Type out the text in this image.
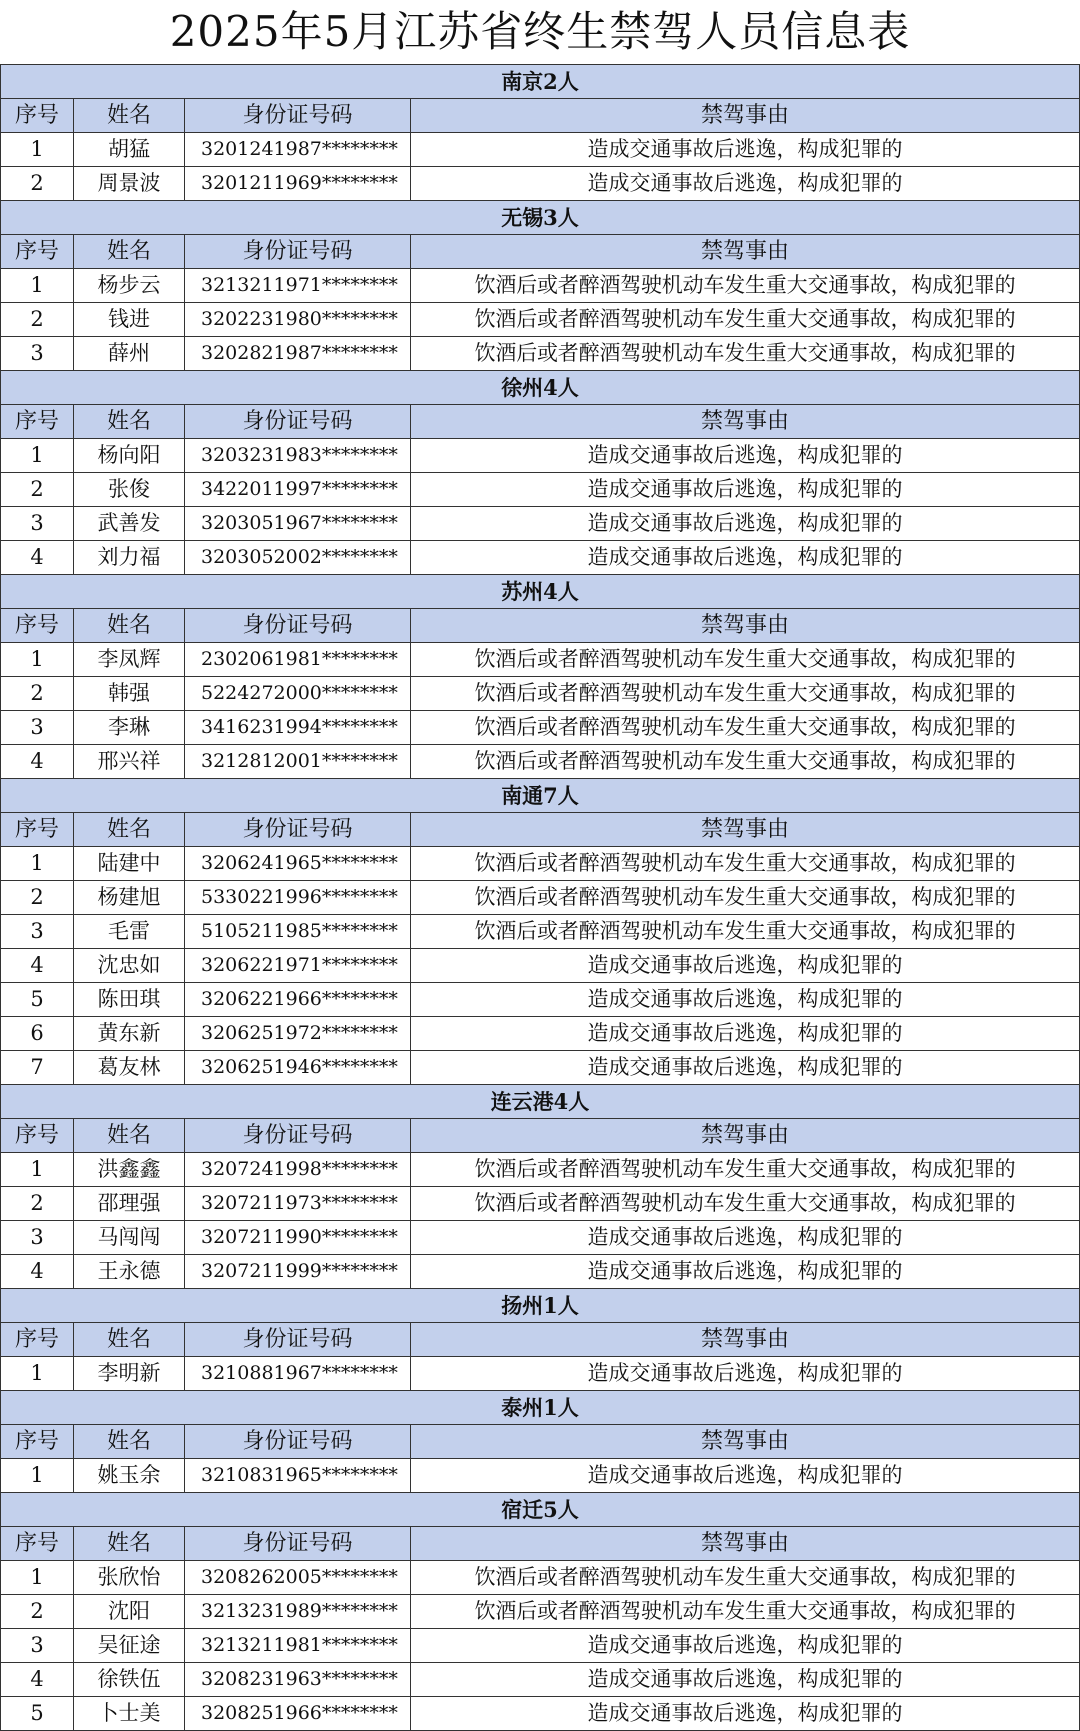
2025年5月江苏省终生禁驾人员信息表
南京2人
序号	姓名	身份证号码	禁驾事由
1	胡猛	3201241987********	造成交通事故后逃逸，构成犯罪的
2	周景波	3201211969********	造成交通事故后逃逸，构成犯罪的
无锡3人
序号	姓名	身份证号码	禁驾事由
1	杨步云	3213211971********	饮酒后或者醉酒驾驶机动车发生重大交通事故，构成犯罪的
2	钱进	3202231980********	饮酒后或者醉酒驾驶机动车发生重大交通事故，构成犯罪的
3	薛州	3202821987********	饮酒后或者醉酒驾驶机动车发生重大交通事故，构成犯罪的
徐州4人
序号	姓名	身份证号码	禁驾事由
1	杨向阳	3203231983********	造成交通事故后逃逸，构成犯罪的
2	张俊	3422011997********	造成交通事故后逃逸，构成犯罪的
3	武善发	3203051967********	造成交通事故后逃逸，构成犯罪的
4	刘力福	3203052002********	造成交通事故后逃逸，构成犯罪的
苏州4人
序号	姓名	身份证号码	禁驾事由
1	李凤辉	2302061981********	饮酒后或者醉酒驾驶机动车发生重大交通事故，构成犯罪的
2	韩强	5224272000********	饮酒后或者醉酒驾驶机动车发生重大交通事故，构成犯罪的
3	李琳	3416231994********	饮酒后或者醉酒驾驶机动车发生重大交通事故，构成犯罪的
4	邢兴祥	3212812001********	饮酒后或者醉酒驾驶机动车发生重大交通事故，构成犯罪的
南通7人
序号	姓名	身份证号码	禁驾事由
1	陆建中	3206241965********	饮酒后或者醉酒驾驶机动车发生重大交通事故，构成犯罪的
2	杨建旭	5330221996********	饮酒后或者醉酒驾驶机动车发生重大交通事故，构成犯罪的
3	毛雷	5105211985********	饮酒后或者醉酒驾驶机动车发生重大交通事故，构成犯罪的
4	沈忠如	3206221971********	造成交通事故后逃逸，构成犯罪的
5	陈田琪	3206221966********	造成交通事故后逃逸，构成犯罪的
6	黄东新	3206251972********	造成交通事故后逃逸，构成犯罪的
7	葛友林	3206251946********	造成交通事故后逃逸，构成犯罪的
连云港4人
序号	姓名	身份证号码	禁驾事由
1	洪鑫鑫	3207241998********	饮酒后或者醉酒驾驶机动车发生重大交通事故，构成犯罪的
2	邵理强	3207211973********	饮酒后或者醉酒驾驶机动车发生重大交通事故，构成犯罪的
3	马闯闯	3207211990********	造成交通事故后逃逸，构成犯罪的
4	王永德	3207211999********	造成交通事故后逃逸，构成犯罪的
扬州1人
序号	姓名	身份证号码	禁驾事由
1	李明新	3210881967********	造成交通事故后逃逸，构成犯罪的
泰州1人
序号	姓名	身份证号码	禁驾事由
1	姚玉余	3210831965********	造成交通事故后逃逸，构成犯罪的
宿迁5人
序号	姓名	身份证号码	禁驾事由
1	张欣怡	3208262005********	饮酒后或者醉酒驾驶机动车发生重大交通事故，构成犯罪的
2	沈阳	3213231989********	饮酒后或者醉酒驾驶机动车发生重大交通事故，构成犯罪的
3	吴征途	3213211981********	造成交通事故后逃逸，构成犯罪的
4	徐铁伍	3208231963********	造成交通事故后逃逸，构成犯罪的
5	卜士美	3208251966********	造成交通事故后逃逸，构成犯罪的
